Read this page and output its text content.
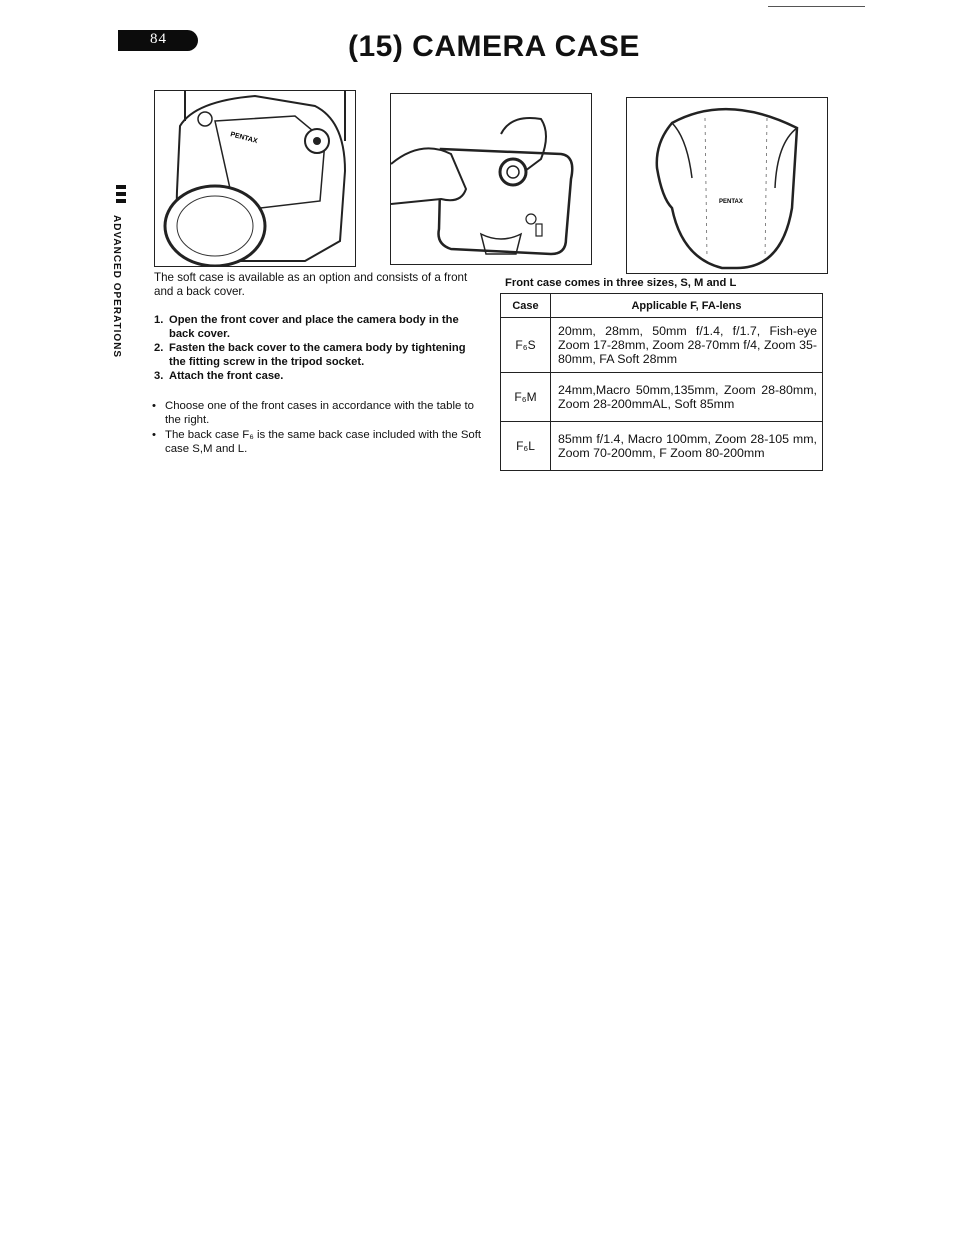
84	(15) CAMERA CASE
ADVANCED OPERATIONS
PENTAX
PENTAX
The soft case is available as an option and consists of a front and a back cover.
1. Open the front cover and place the camera body in the back cover.
2. Fasten the back cover to the camera body by tightening the fitting screw in the tripod socket.
3. Attach the front case.
• Choose one of the front cases in accordance with the table to the right.
• The back case F₆ is the same back case included with the Soft case S,M and L.
Front case comes in three sizes, S, M and L
Case	Applicable F, FA-lens
F₆S	20mm, 28mm, 50mm f/1.4, f/1.7, Fish-eye Zoom 17-28mm, Zoom 28-70mm f/4, Zoom 35-80mm, FA Soft 28mm
F₆M	24mm,Macro 50mm,135mm, Zoom 28-80mm, Zoom 28-200mmAL, Soft 85mm
F₆L	85mm f/1.4, Macro 100mm, Zoom 28-105 mm, Zoom 70-200mm, F Zoom 80-200mm
